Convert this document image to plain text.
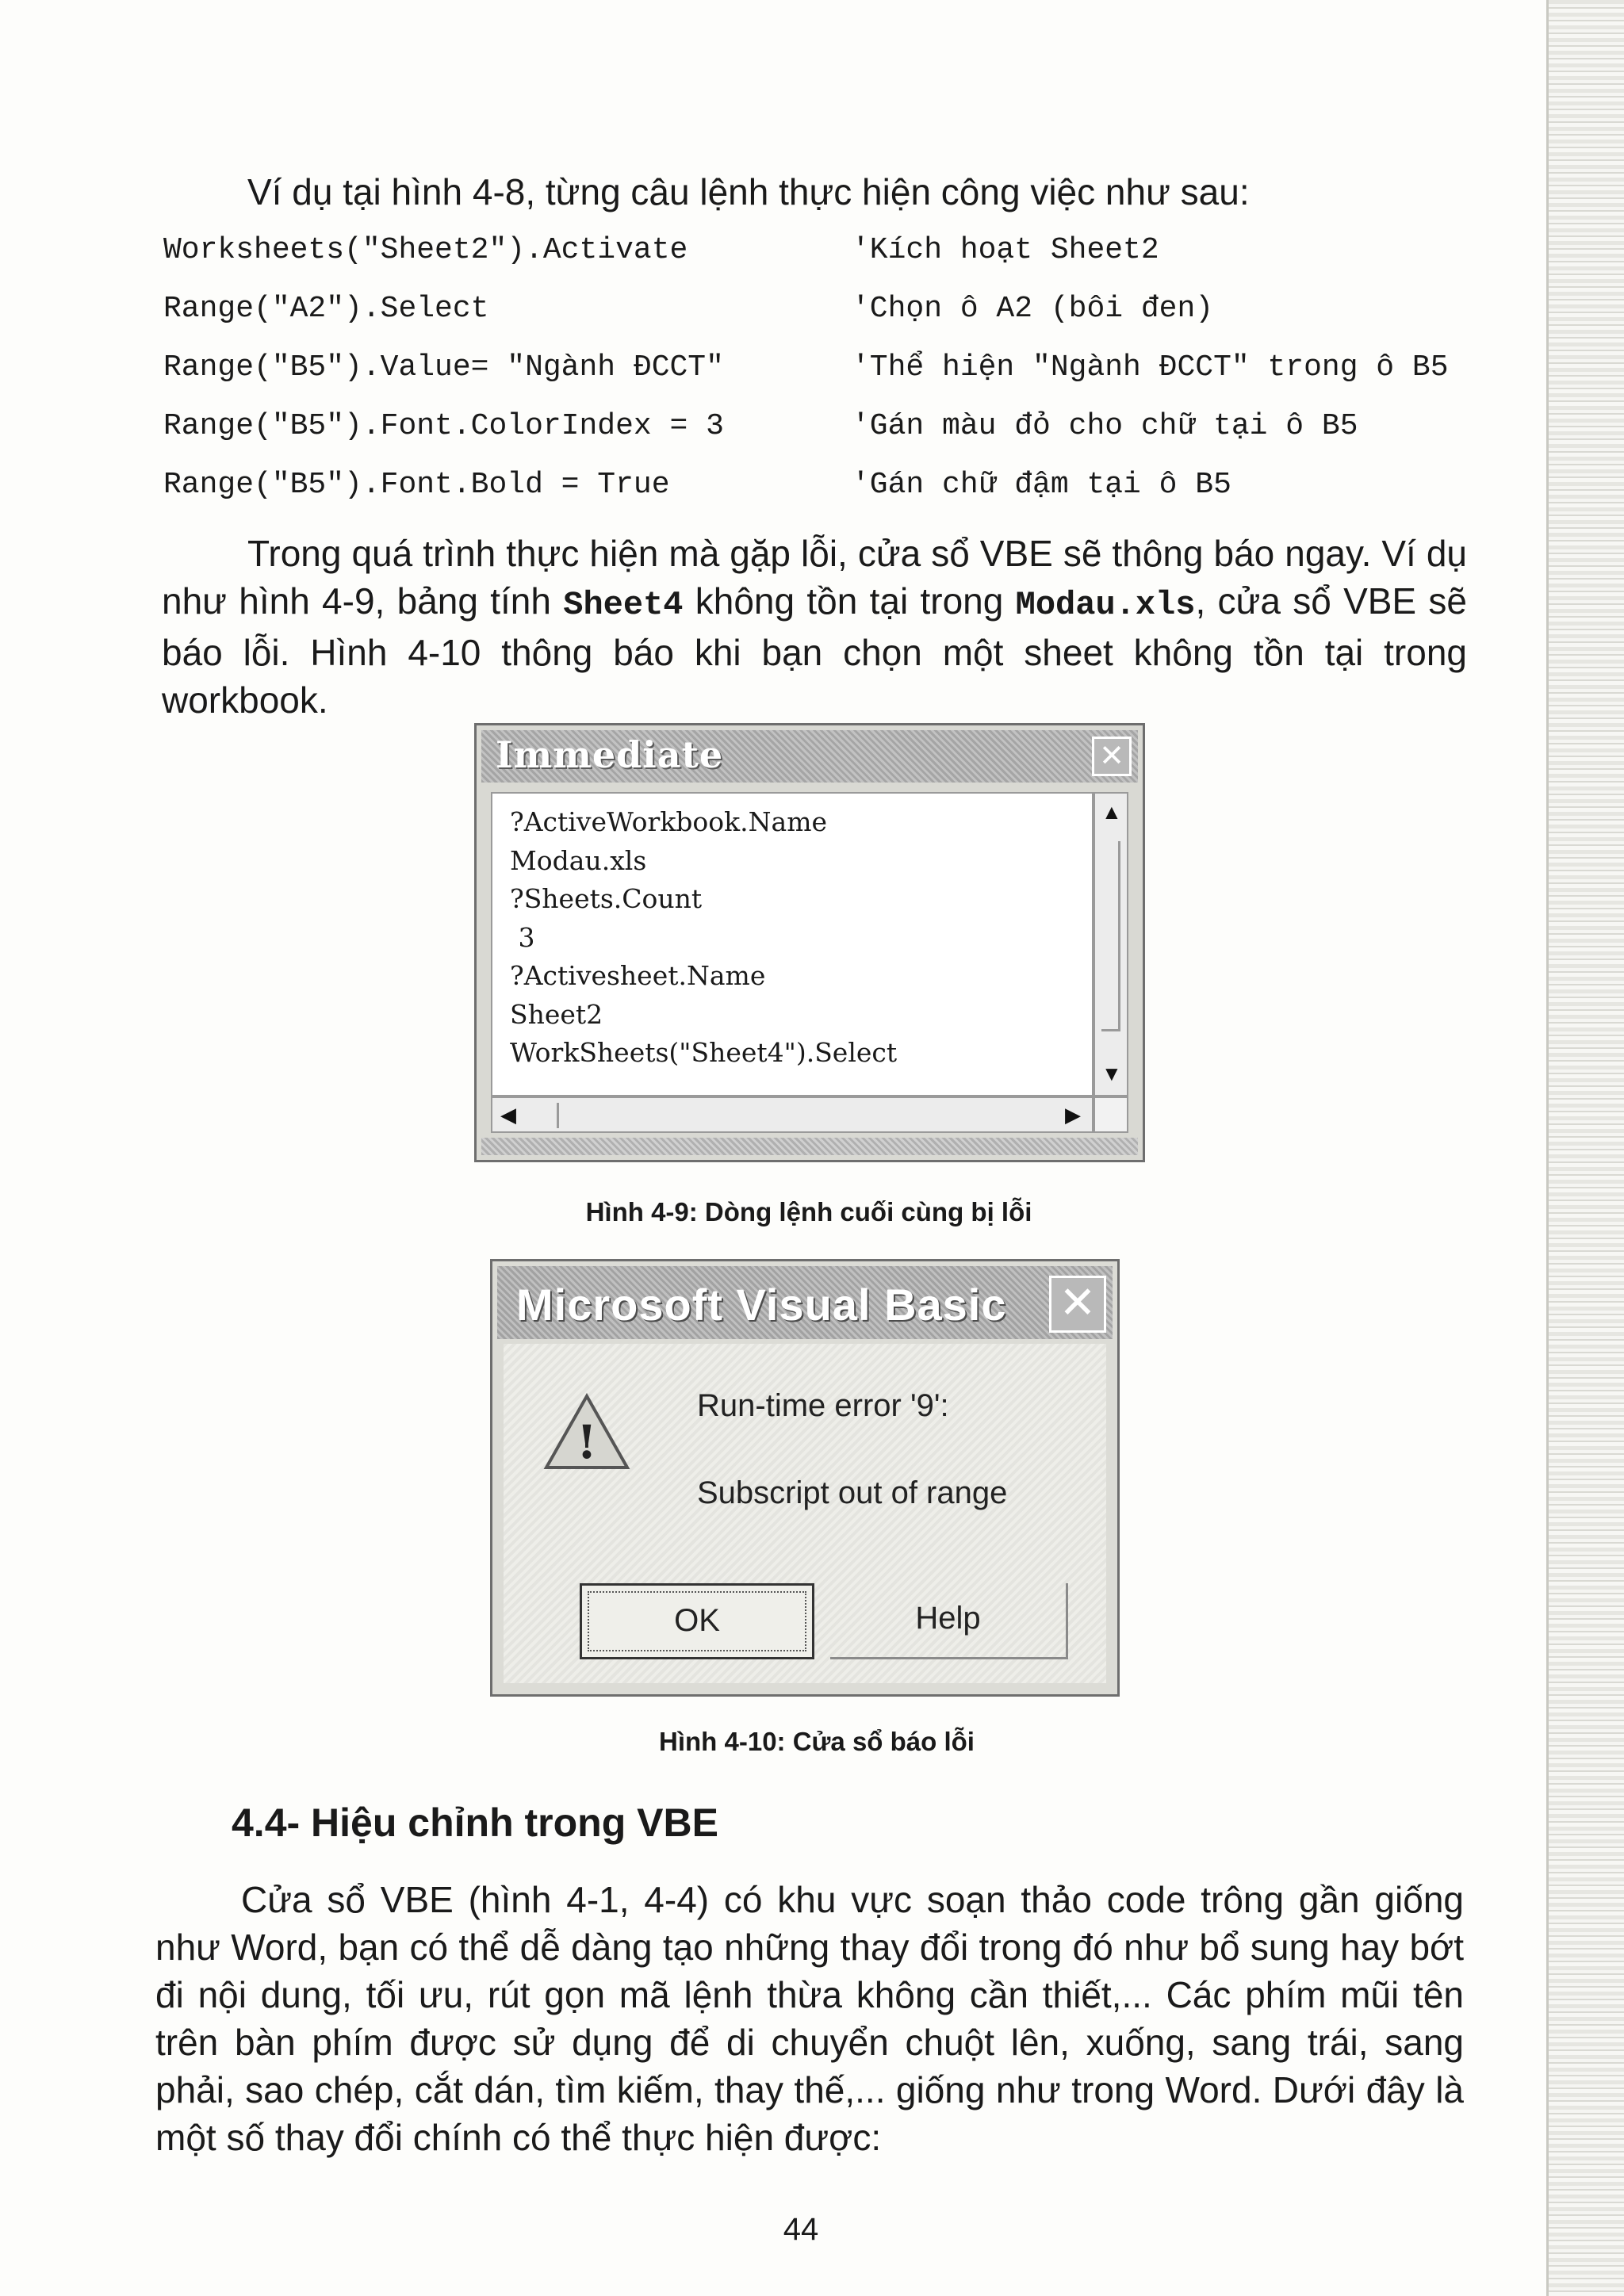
Ví dụ tại hình 4-8, từng câu lệnh thực hiện công việc như sau:

Worksheets("Sheet2").Activate	'Kích hoạt Sheet2
Range("A2").Select	'Chọn ô A2 (bôi đen)
Range("B5").Value= "Ngành ĐCCT"	'Thể hiện "Ngành ĐCCT" trong ô B5
Range("B5").Font.ColorIndex = 3	'Gán màu đỏ cho chữ tại ô B5
Range("B5").Font.Bold = True	'Gán chữ đậm tại ô B5

Trong quá trình thực hiện mà gặp lỗi, cửa sổ VBE sẽ thông báo ngay. Ví dụ như hình 4-9, bảng tính Sheet4 không tồn tại trong Modau.xls, cửa sổ VBE sẽ báo lỗi. Hình 4-10 thông báo khi bạn chọn một sheet không tồn tại trong workbook.

Immediate	✕
?ActiveWorkbook.Name
Modau.xls
?Sheets.Count
3
?Activesheet.Name
Sheet2
WorkSheets("Sheet4").Select
▲
▼
◀	▶
Hình 4-9: Dòng lệnh cuối cùng bị lỗi
Microsoft Visual Basic ✕
!
Run-time error '9':
Subscript out of range
OK	Help
Hình 4-10: Cửa sổ báo lỗi
4.4- Hiệu chỉnh trong VBE

Cửa sổ VBE (hình 4-1, 4-4) có khu vực soạn thảo code trông gần giống như Word, bạn có thể dễ dàng tạo những thay đổi trong đó như bổ sung hay bớt đi nội dung, tối ưu, rút gọn mã lệnh thừa không cần thiết,... Các phím mũi tên trên bàn phím được sử dụng để di chuyển chuột lên, xuống, sang trái, sang phải, sao chép, cắt dán, tìm kiếm, thay thế,... giống như trong Word. Dưới đây là một số thay đổi chính có thể thực hiện được:

44
